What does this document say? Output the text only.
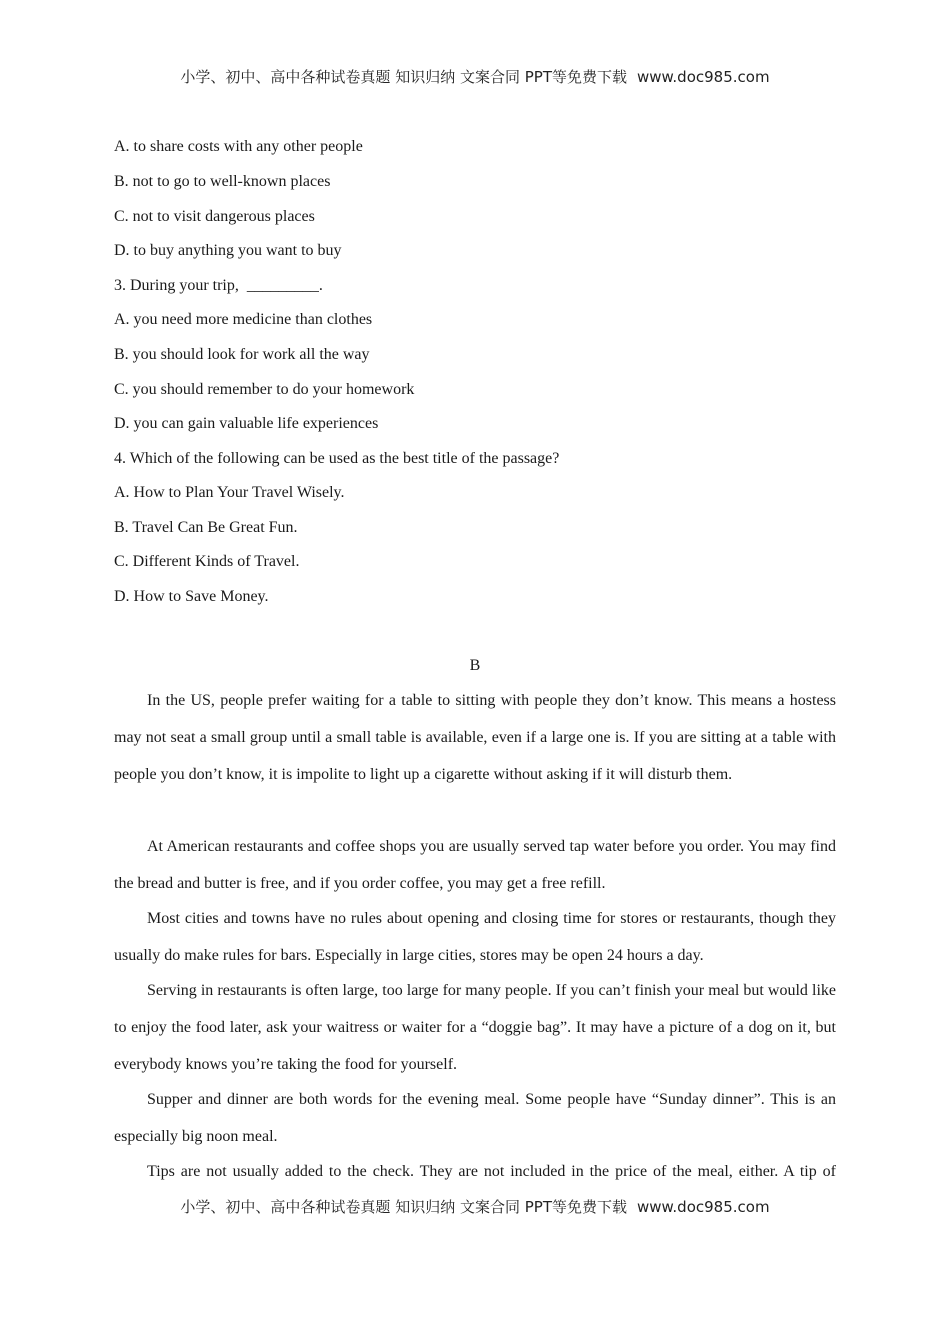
小学、初中、高中各种试卷真题 知识归纳 文案合同 PPT等免费下载 www.doc985.com
A. to share costs with any other people
B. not to go to well-known places
C. not to visit dangerous places
D. to buy anything you want to buy
3. During your trip,  _________.
A. you need more medicine than clothes
B. you should look for work all the way
C. you should remember to do your homework
D. you can gain valuable life experiences
4. Which of the following can be used as the best title of the passage?
A. How to Plan Your Travel Wisely.
B. Travel Can Be Great Fun.
C. Different Kinds of Travel.
D. How to Save Money.
B

In the US, people prefer waiting for a table to sitting with people they don’t know. This means a hostess may not seat a small group until a small table is available, even if a large one is. If you are sitting at a table with people you don’t know, it is impolite to light up a cigarette without asking if it will disturb them.

At American restaurants and coffee shops you are usually served tap water before you order. You may find the bread and butter is free, and if you order coffee, you may get a free refill.

Most cities and towns have no rules about opening and closing time for stores or restaurants, though they usually do make rules for bars. Especially in large cities, stores may be open 24 hours a day.

Serving in restaurants is often large, too large for many people. If you can’t finish your meal but would like to enjoy the food later, ask your waitress or waiter for a “doggie bag”. It may have a picture of a dog on it, but everybody knows you’re taking the food for yourself.

Supper and dinner are both words for the evening meal. Some people have “Sunday dinner”. This is an especially big noon meal.

Tips are not usually added to the check. They are not included in the price of the meal, either. A tip of

小学、初中、高中各种试卷真题 知识归纳 文案合同 PPT等免费下载 www.doc985.com
